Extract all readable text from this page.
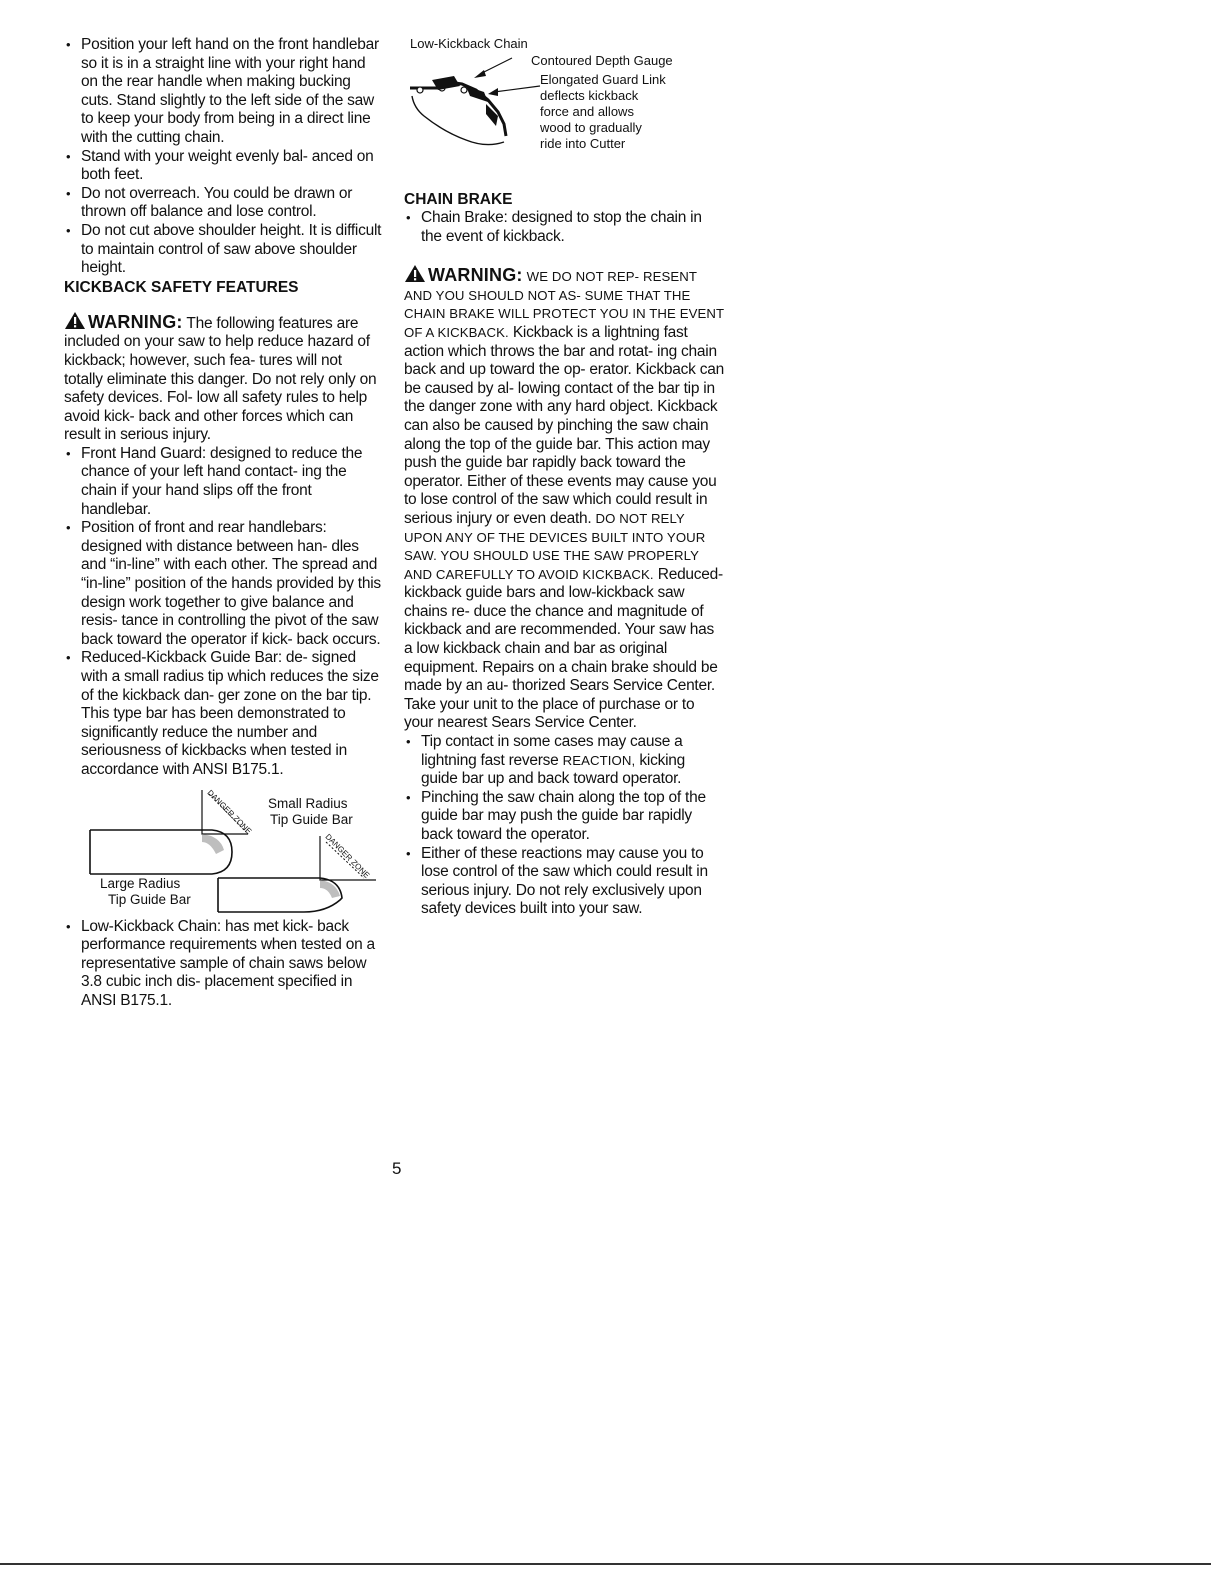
• Position your left hand on the front handlebar so it is in a straight line with your right hand on the rear handle when making bucking cuts. Stand slightly to the left side of the saw to keep your body from being in a direct line with the cutting chain.
• Stand with your weight evenly bal- anced on both feet.
• Do not overreach. You could be drawn or thrown off balance and lose control.
• Do not cut above shoulder height. It is difficult to maintain control of saw above shoulder height.
KICKBACK SAFETY FEATURES
WARNING: The following features are included on your saw to help reduce hazard of kickback; however, such fea- tures will not totally eliminate this danger. Do not rely only on safety devices. Fol- low all safety rules to help avoid kick- back and other forces which can result in serious injury.
• Front Hand Guard: designed to reduce the chance of your left hand contact- ing the chain if your hand slips off the front handlebar.
• Position of front and rear handlebars: designed with distance between han- dles and “in-line” with each other. The spread and “in-line” position of the hands provided by this design work together to give balance and resis- tance in controlling the pivot of the saw back toward the operator if kick- back occurs.
• Reduced-Kickback Guide Bar: de- signed with a small radius tip which reduces the size of the kickback dan- ger zone on the bar tip. This type bar has been demonstrated to significantly reduce the number and seriousness of kickbacks when tested in accordance with ANSI B175.1.
DANGER ZONE
DANGER ZONE
Small Radius
Tip Guide Bar
Large Radius
Tip Guide Bar
• Low-Kickback Chain: has met kick- back performance requirements when tested on a representative sample of chain saws below 3.8 cubic inch dis- placement specified in ANSI B175.1.
Low-Kickback Chain
Contoured Depth Gauge
Elongated Guard Link
deflects kickback
force and allows
wood to gradually
ride into Cutter
CHAIN BRAKE
• Chain Brake: designed to stop the chain in the event of kickback.
WARNING: WE DO NOT REP- RESENT AND YOU SHOULD NOT AS- SUME THAT THE CHAIN BRAKE WILL PROTECT YOU IN THE EVENT OF A KICKBACK. Kickback is a lightning fast action which throws the bar and rotat- ing chain back and up toward the op- erator. Kickback can be caused by al- lowing contact of the bar tip in the danger zone with any hard object. Kickback can also be caused by pinching the saw chain along the top of the guide bar. This action may push the guide bar rapidly back toward the operator. Either of these events may cause you to lose control of the saw which could result in serious injury or even death. DO NOT RELY UPON ANY OF THE DEVICES BUILT INTO YOUR SAW. YOU SHOULD USE THE SAW PROPERLY AND CAREFULLY TO AVOID KICKBACK. Reduced-kickback guide bars and low-kickback saw chains re- duce the chance and magnitude of kickback and are recommended. Your saw has a low kickback chain and bar as original equipment. Repairs on a chain brake should be made by an au- thorized Sears Service Center. Take your unit to the place of purchase or to your nearest Sears Service Center.
• Tip contact in some cases may cause a lightning fast reverse REACTION, kicking guide bar up and back toward operator.
• Pinching the saw chain along the top of the guide bar may push the guide bar rapidly back toward the operator.
• Either of these reactions may cause you to lose control of the saw which could result in serious injury. Do not rely exclusively upon safety devices built into your saw.
5
